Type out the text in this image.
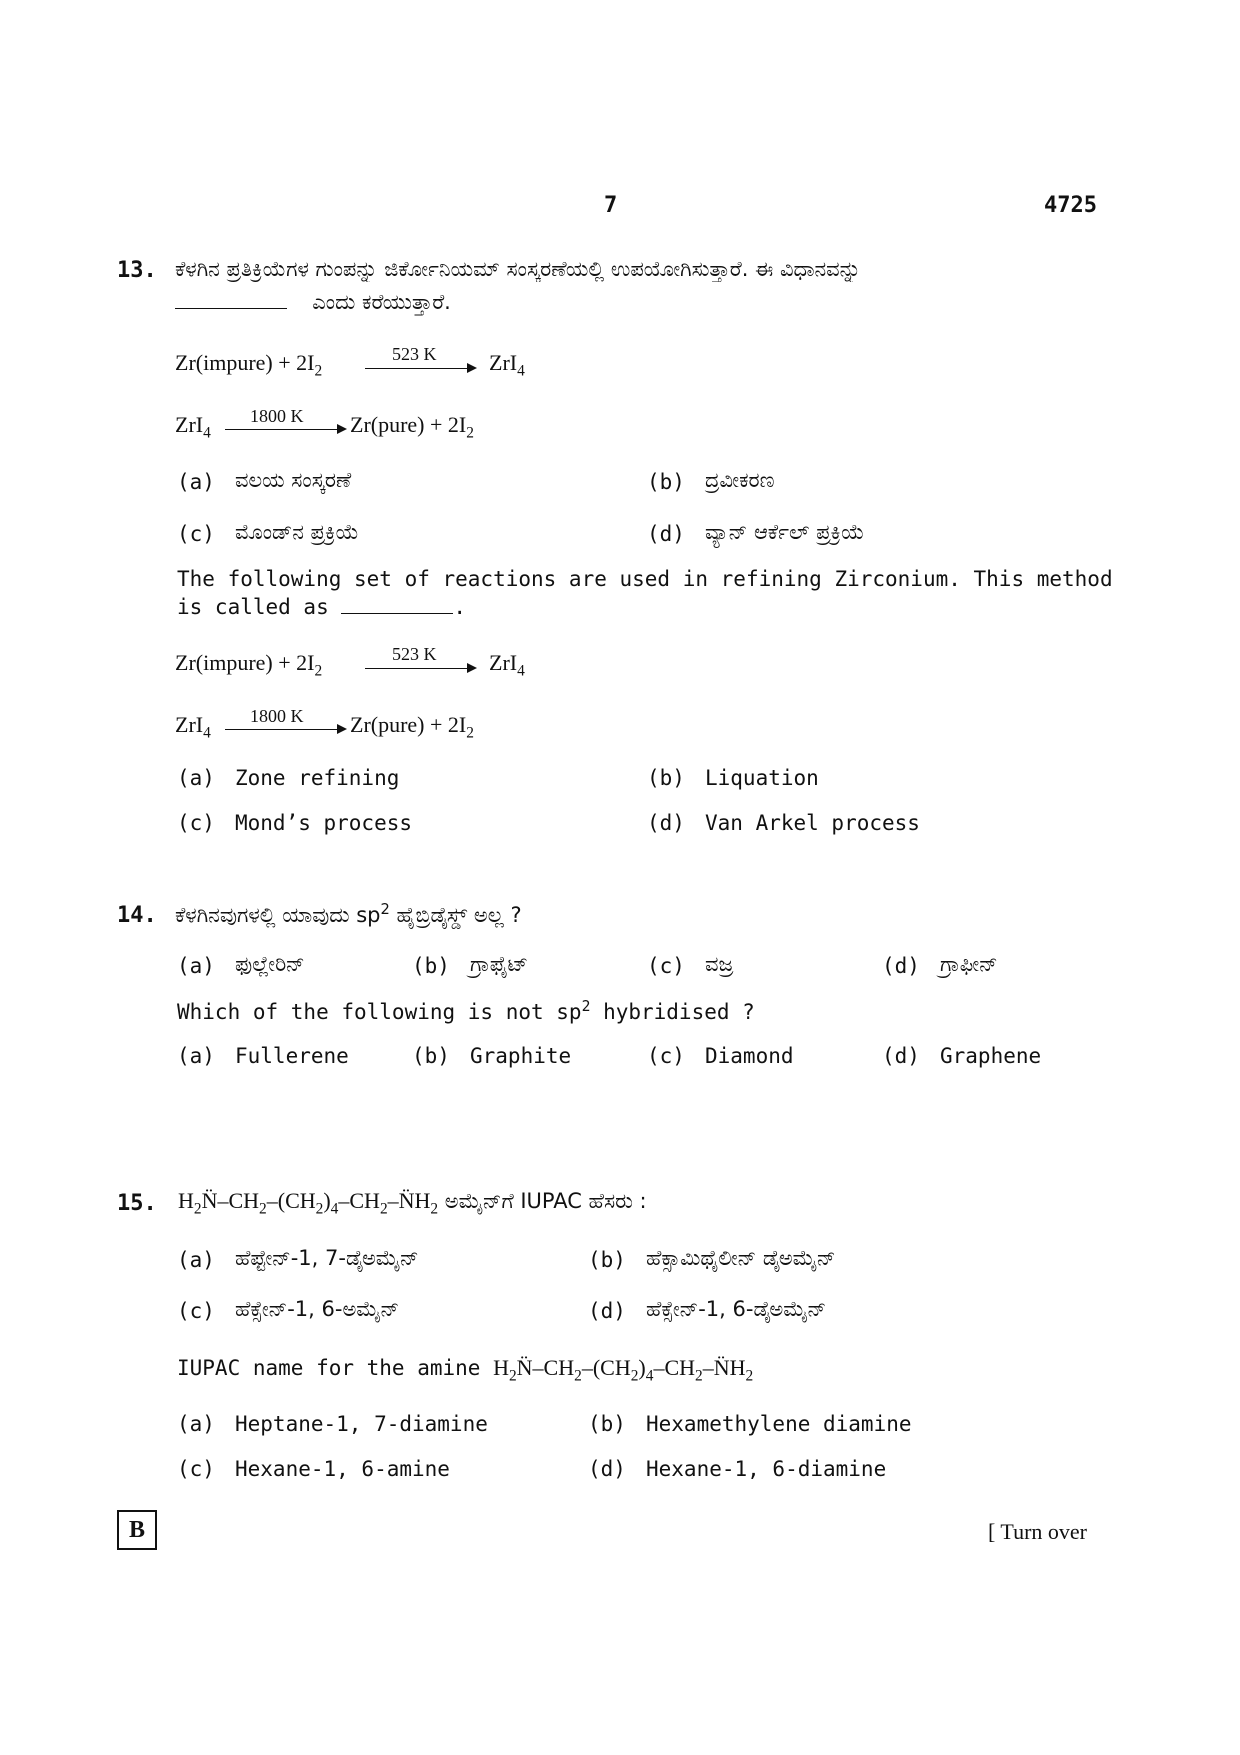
7	4725
13. ಕೆಳಗಿನ ಪ್ರತಿಕ್ರಿಯೆಗಳ ಗುಂಪನ್ನು ಜಿರ್ಕೋನಿಯಮ್ ಸಂಸ್ಕರಣೆಯಲ್ಲಿ ಉಪಯೋಗಿಸುತ್ತಾರೆ. ಈ ವಿಧಾನವನ್ನು
ಎಂದು ಕರೆಯುತ್ತಾರೆ.
Zr(impure) + $2I_2$
523 K ZrI$_4$
ZrI$_4$
1800 K Zr(pure) + $2I_2$
(a) ವಲಯ ಸಂಸ್ಕರಣೆ	(b) ದ್ರವೀಕರಣ
(c) ಮೊಂಡ್‌ನ ಪ್ರಕ್ರಿಯೆ	(d) ವ್ಯಾನ್ ಆರ್ಕೆಲ್ ಪ್ರಕ್ರಿಯೆ
The following set of reactions are used in refining Zirconium. This method
is called as	.
Zr(impure) + $2I_2$
523 K ZrI$_4$
ZrI$_4$
1800 K Zr(pure) + $2I_2$
(a) Zone refining	(b) Liquation
(c) Mond’s process	(d) Van Arkel process
14. ಕೆಳಗಿನವುಗಳಲ್ಲಿ ಯಾವುದು $sp^2$ ಹೈಬ್ರಿಡೈಸ್ಡ್ ಅಲ್ಲ ?
(a) ಫುಲ್ಲೇರಿನ್	(b) ಗ್ರಾಫೈಟ್	(c) ವಜ್ರ	(d) ಗ್ರಾಫೀನ್
Which of the following is not $sp^2$ hybridised ?
(a) Fullerene	(b) Graphite	(c) Diamond	(d) Graphene
15. $H_2N̈-CH_2-(CH_2)_4-CH_2-N̈H_2$ ಅಮೈನ್‌ಗೆ IUPAC ಹೆಸರು :
(a) ಹೆಪ್ಟೇನ್-1, 7-ಡೈಅಮೈನ್	(b) ಹೆಕ್ಸಾಮಿಥೈಲೀನ್ ಡೈಅಮೈನ್
(c) ಹೆಕ್ಸೇನ್-1, 6-ಅಮೈನ್	(d) ಹೆಕ್ಸೇನ್-1, 6-ಡೈಅಮೈನ್
IUPAC name for the amine $H_2N̈-CH_2-(CH_2)_4-CH_2-N̈H_2$
(a) Heptane-1, 7-diamine	(b) Hexamethylene diamine
(c) Hexane-1, 6-amine	(d) Hexane-1, 6-diamine
B	[ Turn over
